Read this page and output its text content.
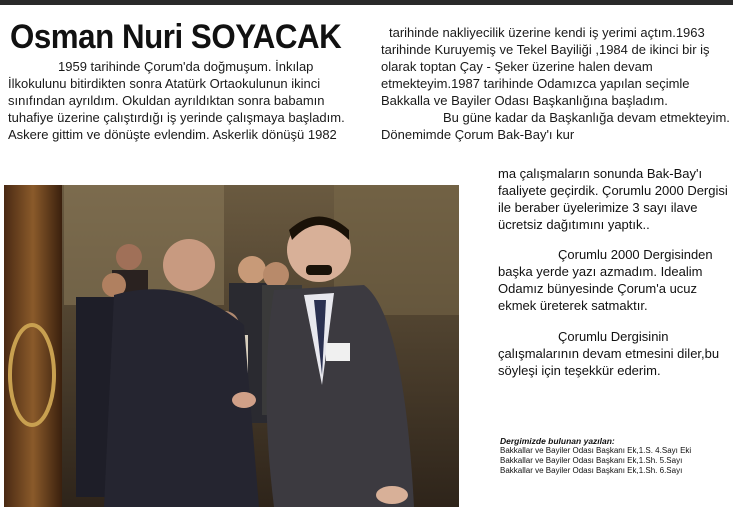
Osman Nuri SOYACAK

1959 tarihinde Çorum'da doğmuşum. İnkılap İlkokulunu bitirdikten sonra Atatürk Ortaokulunun ikinci sınıfından ayrıldım. Okuldan ayrıldıktan sonra babamın tuhafiye üzerine çalıştırdığı iş yerinde çalışmaya başladım. Askere gittim ve dönüşte evlendim. Askerlik dönüşü 1982

tarihinde nakliyecilik üzerine kendi iş yerimi açtım.1963 tarihinde Kuruyemiş ve Tekel Bayiliği ,1984 de ikinci bir iş olarak toptan Çay - Şeker üzerine halen devam etmekteyim.1987 tarihinde Odamızca yapılan seçimle Bakkalla ve Bayiler Odası Başkanlığına başladım.

Bu güne kadar da Başkanlığa devam etmekteyim. Dönemimde Çorum Bak-Bay'ı kur

ma çalışmaların sonunda Bak-Bay'ı faaliyete geçirdik. Çorumlu 2000 Dergisi ile beraber üyelerimize 3 sayı ilave ücretsiz dağıtımını yaptık..

Çorumlu 2000 Dergisinden başka yerde yazı azmadım. Idealim Odamız bünyesinde Çorum'a ucuz ekmek üreterek satmaktır.

Çorumlu Dergisinin çalışmalarının devam etmesini diler,bu söyleşi için teşekkür ederim.

Dergimizde bulunan yazılan:
Bakkallar ve Bayiler Odası Başkanı Ek,1.S. 4.Sayı Eki
Bakkallar ve Bayiler Odası Başkanı Ek,1.Sh. 5.Sayı
Bakkallar ve Bayiler Odası Başkanı Ek,1.Sh. 6.Sayı
